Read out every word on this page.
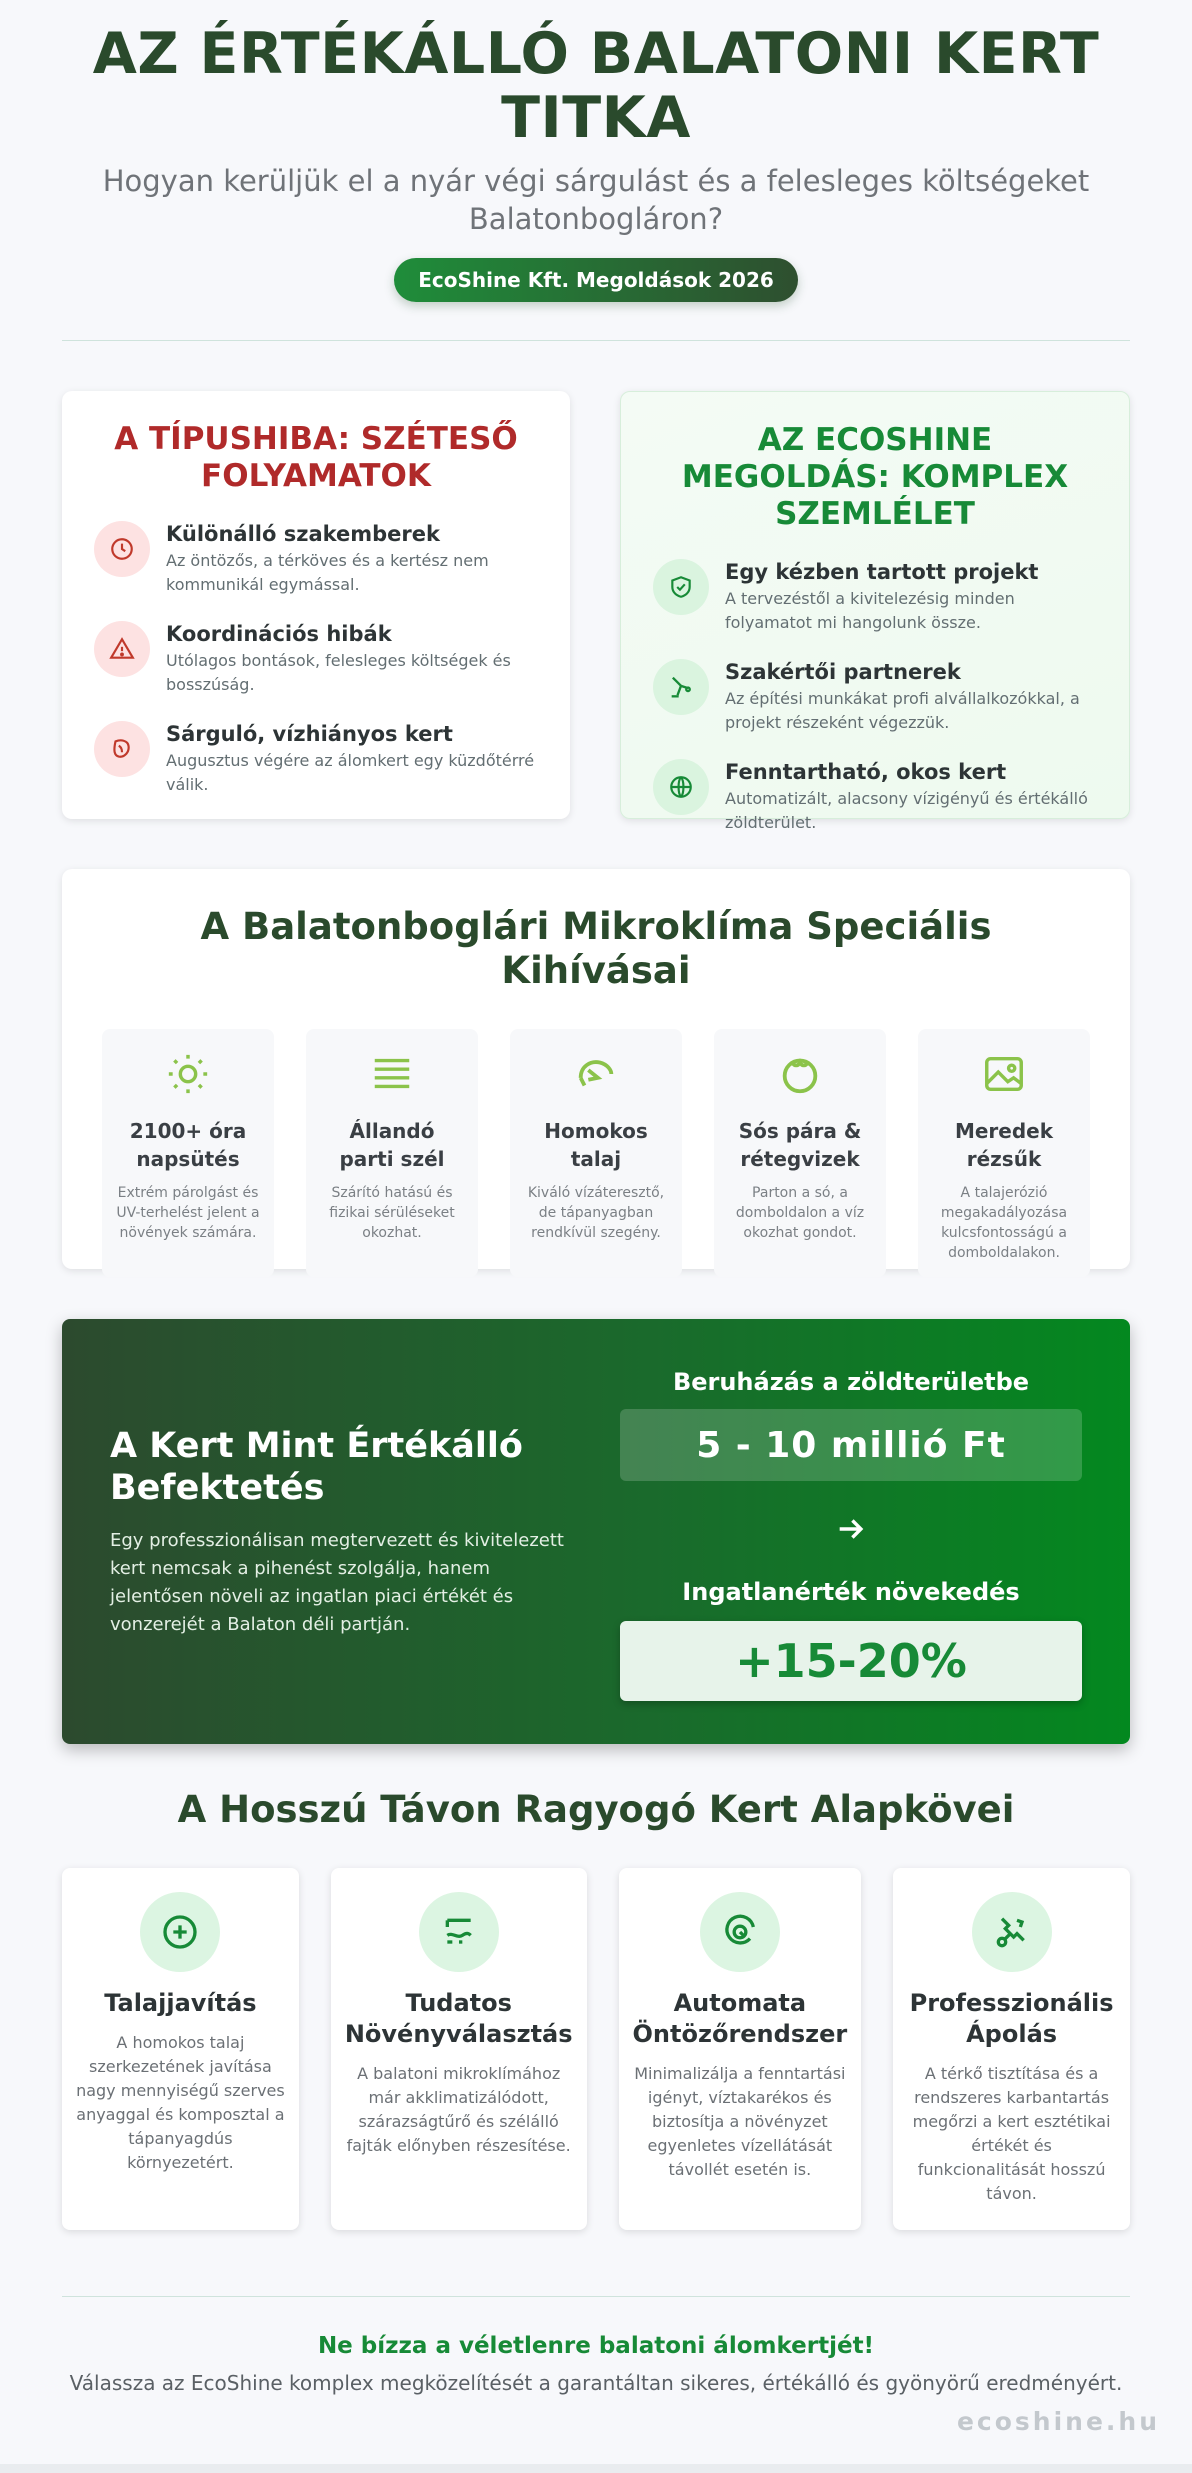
AZ ÉRTÉKÁLLÓ BALATONI KERT TITKA

Hogyan kerüljük el a nyár végi sárgulást és a felesleges költségeket Balatonbogláron?

EcoShine Kft. Megoldások 2026
A TÍPUSHIBA: SZÉTESŐ FOLYAMATOK
Különálló szakemberek
Az öntözős, a térköves és a kertész nem kommunikál egymással.
Koordinációs hibák
Utólagos bontások, felesleges költségek és bosszúság.
Sárguló, vízhiányos kert
Augusztus végére az álomkert egy küzdőtérré válik.
AZ ECOSHINE MEGOLDÁS: KOMPLEX SZEMLÉLET
Egy kézben tartott projekt
A tervezéstől a kivitelezésig minden folyamatot mi hangolunk össze.
Szakértői partnerek
Az építési munkákat profi alvállalkozókkal, a projekt részeként végezzük.
Fenntartható, okos kert
Automatizált, alacsony vízigényű és értékálló zöldterület.
A Balatonboglári Mikroklíma Speciális Kihívásai
2100+ óra napsütés
Extrém párolgást és UV-terhelést jelent a növények számára.
Állandó parti szél
Szárító hatású és fizikai sérüléseket okozhat.
Homokos talaj
Kiváló vízáteresztő, de tápanyagban rendkívül szegény.
Sós pára & rétegvizek
Parton a só, a domboldalon a víz okozhat gondot.
Meredek rézsűk
A talajerózió megakadályozása kulcsfontosságú a domboldalakon.
A Kert Mint Értékálló Befektetés

Egy professzionálisan megtervezett és kivitelezett kert nemcsak a pihenést szolgálja, hanem jelentősen növeli az ingatlan piaci értékét és vonzerejét a Balaton déli partján.

Beruházás a zöldterületbe
5 - 10 millió Ft
Ingatlanérték növekedés
+15-20%
A Hosszú Távon Ragyogó Kert Alapkövei
Talajjavítás
A homokos talaj szerkezetének javítása nagy mennyiségű szerves anyaggal és komposztal a tápanyagdús környezetért.
Tudatos Növényválasztás
A balatoni mikroklímához már akklimatizálódott, szárazságtűrő és szélálló fajták előnyben részesítése.
Automata Öntözőrendszer
Minimalizálja a fenntartási igényt, víztakarékos és biztosítja a növényzet egyenletes vízellátását távollét esetén is.
Professzionális Ápolás
A térkő tisztítása és a rendszeres karbantartás megőrzi a kert esztétikai értékét és funkcionalitását hosszú távon.
Ne bízza a véletlenre balatoni álomkertjét!
Válassza az EcoShine komplex megközelítését a garantáltan sikeres, értékálló és gyönyörű eredményért.
ecoshine.hu
